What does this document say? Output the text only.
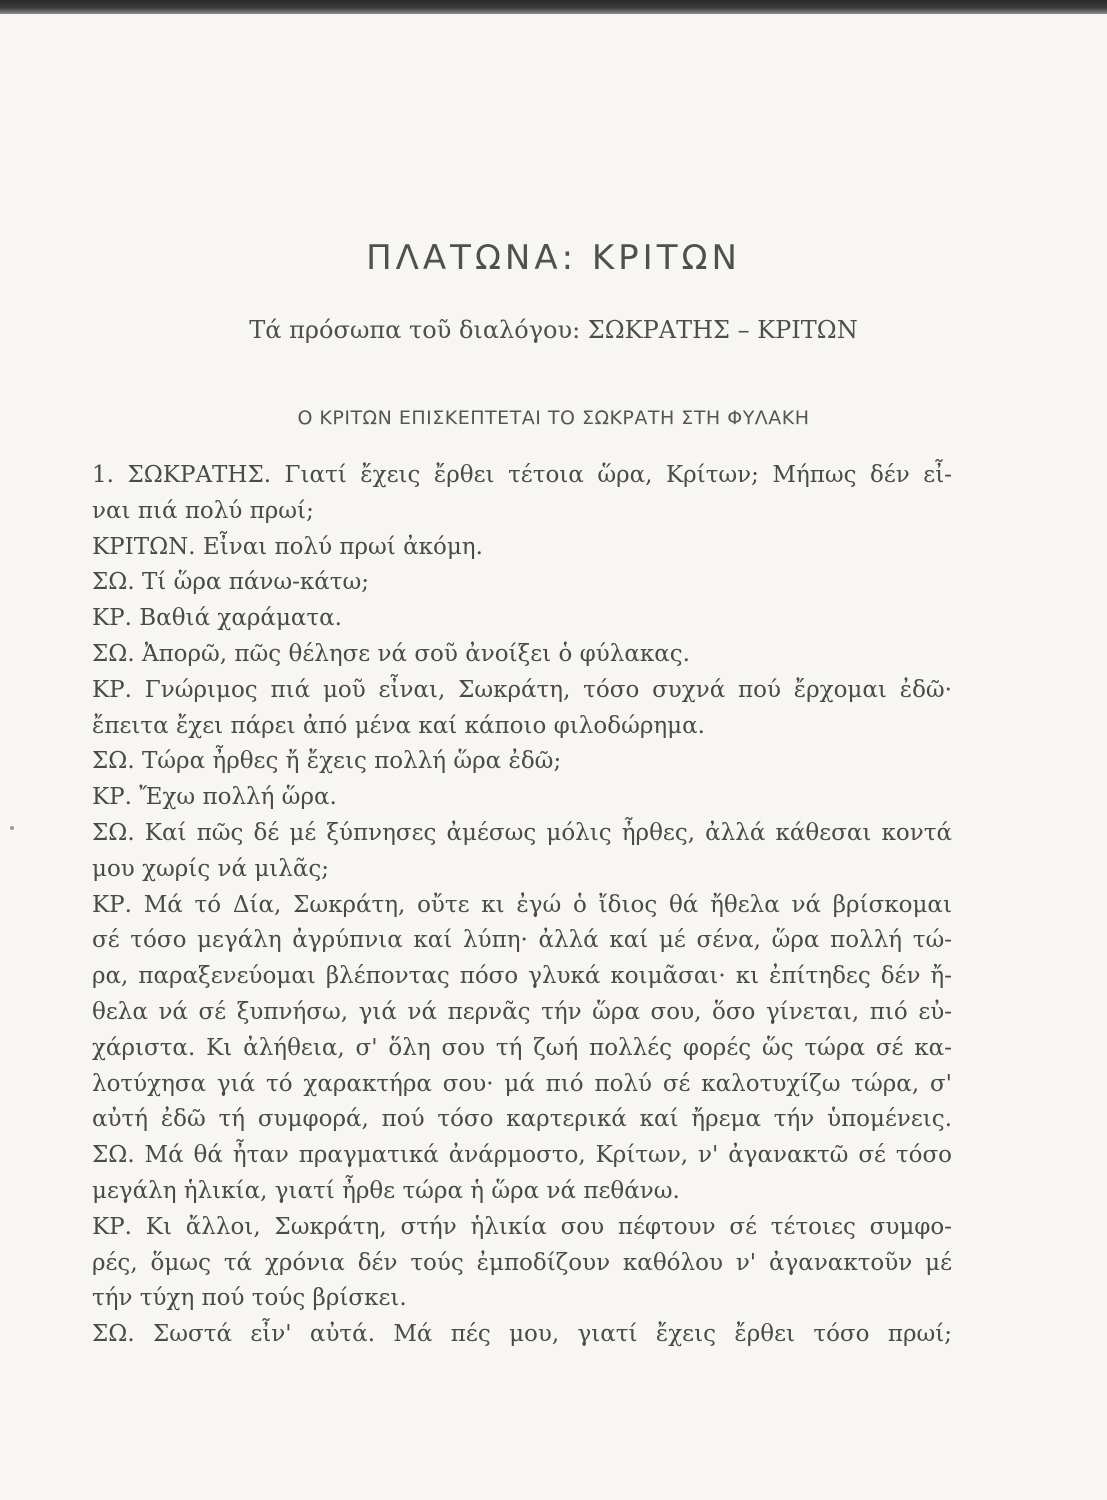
ΠΛΑΤΩΝΑ: ΚΡΙΤΩΝ
Τά πρόσωπα τοῦ διαλόγου: ΣΩΚΡΑΤΗΣ – ΚΡΙΤΩΝ
Ο ΚΡΙΤΩΝ ΕΠΙΣΚΕΠΤΕΤΑΙ ΤΟ ΣΩΚΡΑΤΗ ΣΤΗ ΦΥΛΑΚΗ
1. ΣΩΚΡΑΤΗΣ. Γιατί ἔχεις ἔρθει τέτοια ὥρα, Κρίτων; Μήπως δέν εἶ-
ναι πιά πολύ πρωί;
ΚΡΙΤΩΝ. Εἶναι πολύ πρωί ἀκόμη.
ΣΩ. Τί ὥρα πάνω-κάτω;
ΚΡ. Βαθιά χαράματα.
ΣΩ. Ἀπορῶ, πῶς θέλησε νά σοῦ ἀνοίξει ὁ φύλακας.
ΚΡ. Γνώριμος πιά μοῦ εἶναι, Σωκράτη, τόσο συχνά πού ἔρχομαι ἐδῶ·
ἔπειτα ἔχει πάρει ἀπό μένα καί κάποιο φιλοδώρημα.
ΣΩ. Τώρα ἦρθες ἤ ἔχεις πολλή ὥρα ἐδῶ;
ΚΡ. Ἔχω πολλή ὥρα.
ΣΩ. Καί πῶς δέ μέ ξύπνησες ἀμέσως μόλις ἦρθες, ἀλλά κάθεσαι κοντά
μου χωρίς νά μιλᾶς;
ΚΡ. Μά τό Δία, Σωκράτη, οὔτε κι ἐγώ ὁ ἴδιος θά ἤθελα νά βρίσκομαι
σέ τόσο μεγάλη ἀγρύπνια καί λύπη· ἀλλά καί μέ σένα, ὥρα πολλή τώ-
ρα, παραξενεύομαι βλέποντας πόσο γλυκά κοιμᾶσαι· κι ἐπίτηδες δέν ἤ-
θελα νά σέ ξυπνήσω, γιά νά περνᾶς τήν ὥρα σου, ὅσο γίνεται, πιό εὐ-
χάριστα. Κι ἀλήθεια, σ' ὅλη σου τή ζωή πολλές φορές ὥς τώρα σέ κα-
λοτύχησα γιά τό χαρακτήρα σου· μά πιό πολύ σέ καλοτυχίζω τώρα, σ'
αὐτή ἐδῶ τή συμφορά, πού τόσο καρτερικά καί ἤρεμα τήν ὑπομένεις.
ΣΩ. Μά θά ἦταν πραγματικά ἀνάρμοστο, Κρίτων, ν' ἀγανακτῶ σέ τόσο
μεγάλη ἡλικία, γιατί ἦρθε τώρα ἡ ὥρα νά πεθάνω.
ΚΡ. Κι ἄλλοι, Σωκράτη, στήν ἡλικία σου πέφτουν σέ τέτοιες συμφο-
ρές, ὅμως τά χρόνια δέν τούς ἐμποδίζουν καθόλου ν' ἀγανακτοῦν μέ
τήν τύχη πού τούς βρίσκει.
ΣΩ. Σωστά εἶν' αὐτά. Μά πές μου, γιατί ἔχεις ἔρθει τόσο πρωί;
